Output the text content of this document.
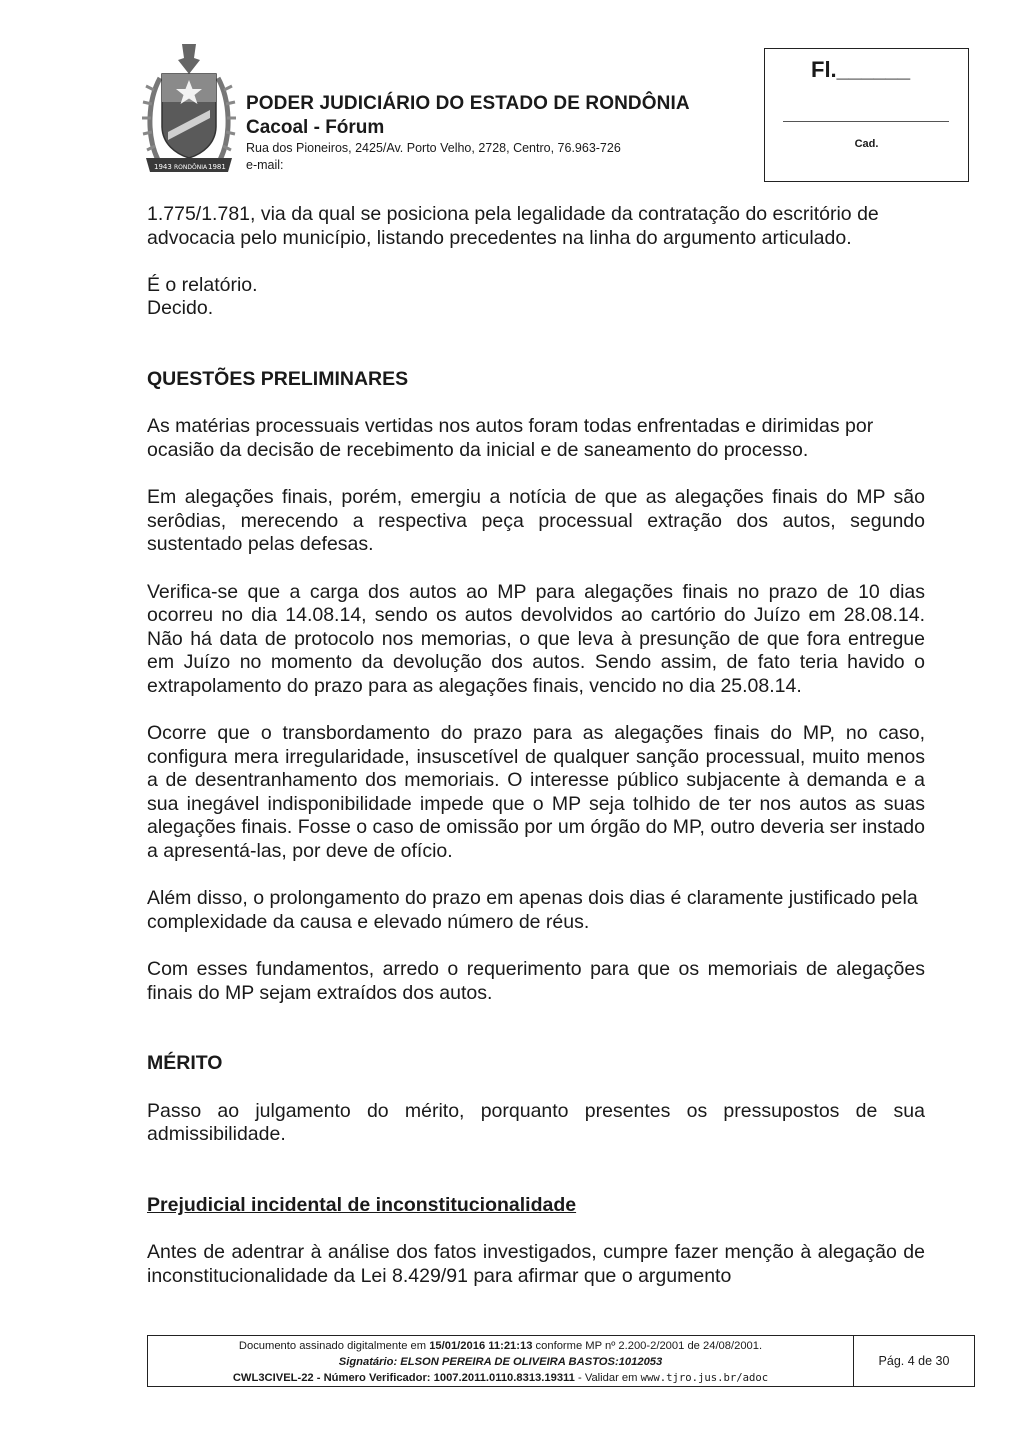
1943 RONDÔNIA 1981
PODER JUDICIÁRIO DO ESTADO DE RONDÔNIA
Cacoal - Fórum
Rua dos Pioneiros, 2425/Av. Porto Velho, 2728, Centro, 76.963-726
e-mail:
Fl.______
Cad.

1.775/1.781, via da qual se posiciona pela legalidade da contratação do escritório de advocacia pelo município, listando precedentes na linha do argumento articulado.

É o relatório.
Decido.
QUESTÕES PRELIMINARES

As matérias processuais vertidas nos autos foram todas enfrentadas e dirimidas por ocasião da decisão de recebimento da inicial e de saneamento do processo.

Em alegações finais, porém, emergiu a notícia de que as alegações finais do MP são serôdias, merecendo a respectiva peça processual extração dos autos, segundo sustentado pelas defesas.

Verifica-se que a carga dos autos ao MP para alegações finais no prazo de 10 dias ocorreu no dia 14.08.14, sendo os autos devolvidos ao cartório do Juízo em 28.08.14. Não há data de protocolo nos memorias, o que leva à presunção de que fora entregue em Juízo no momento da devolução dos autos. Sendo assim, de fato teria havido o extrapolamento do prazo para as alegações finais, vencido no dia 25.08.14.

Ocorre que o transbordamento do prazo para as alegações finais do MP, no caso, configura mera irregularidade, insuscetível de qualquer sanção processual, muito menos a de desentranhamento dos memoriais. O interesse público subjacente à demanda e a sua inegável indisponibilidade impede que o MP seja tolhido de ter nos autos as suas alegações finais. Fosse o caso de omissão por um órgão do MP, outro deveria ser instado a apresentá-las, por deve de ofício.

Além disso, o prolongamento do prazo em apenas dois dias é claramente justificado pela complexidade da causa e elevado número de réus.

Com esses fundamentos, arredo o requerimento para que os memoriais de alegações finais do MP sejam extraídos dos autos.

MÉRITO

Passo ao julgamento do mérito, porquanto presentes os pressupostos de sua admissibilidade.

Prejudicial incidental de inconstitucionalidade

Antes de adentrar à análise dos fatos investigados, cumpre fazer menção à alegação de inconstitucionalidade da Lei 8.429/91 para afirmar que o argumento

Documento assinado digitalmente em 15/01/2016 11:21:13 conforme MP nº 2.200-2/2001 de 24/08/2001.
Signatário: ELSON PEREIRA DE OLIVEIRA BASTOS:1012053
CWL3CIVEL-22 - Número Verificador: 1007.2011.0110.8313.19311 - Validar em www.tjro.jus.br/adoc
Pág. 4 de 30
